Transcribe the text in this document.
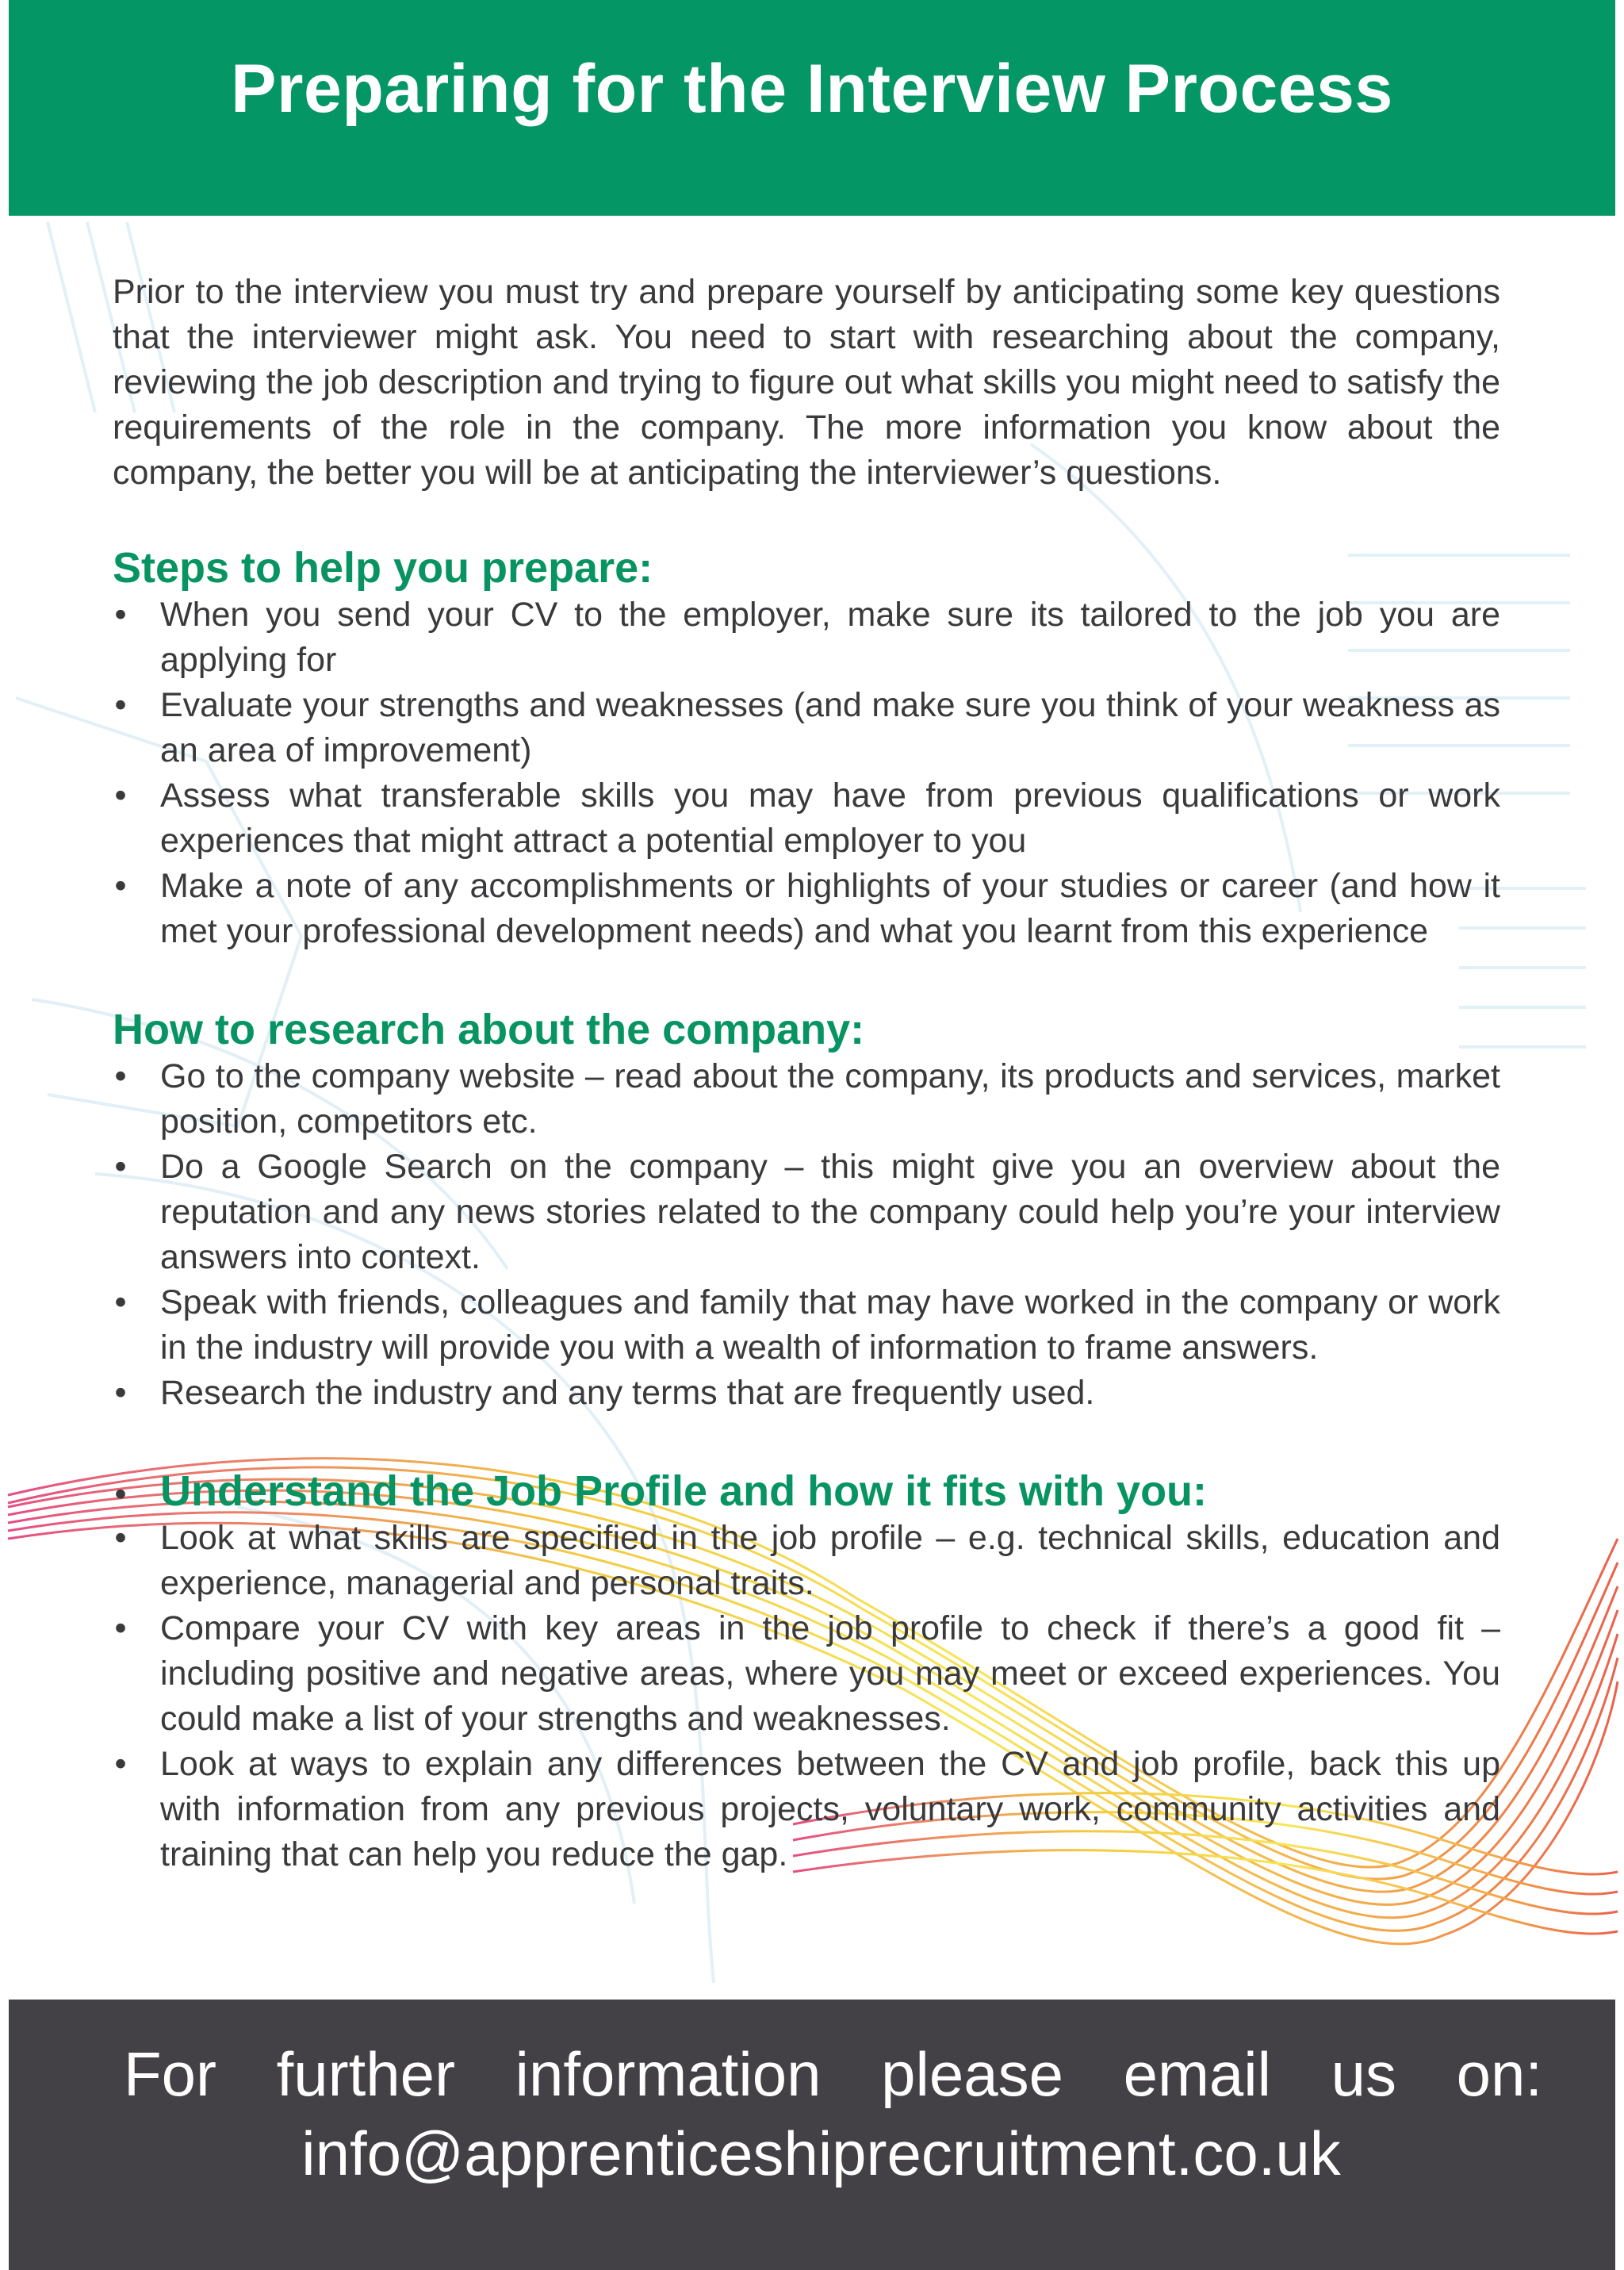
Preparing for the Interview Process

Prior to the interview you must try and prepare yourself by anticipating some key questions that the interviewer might ask. You need to start with researching about the company, reviewing the job description and trying to figure out what skills you might need to satisfy the requirements of the role in the company. The more information you know about the company, the better you will be at anticipating the interviewer’s questions.

Steps to help you prepare:
• When you send your CV to the employer, make sure its tailored to the job you are applying for
• Evaluate your strengths and weaknesses (and make sure you think of your weakness as an area of improvement)
• Assess what transferable skills you may have from previous qualifications or work experiences that might attract a potential employer to you
• Make a note of any accomplishments or highlights of your studies or career (and how it met your professional development needs) and what you learnt from this experience
How to research about the company:
• Go to the company website – read about the company, its products and services, market position, competitors etc.
• Do a Google Search on the company – this might give you an overview about the reputation and any news stories related to the company could help you’re your interview answers into context.
• Speak with friends, colleagues and family that may have worked in the company or work in the industry will provide you with a wealth of information to frame answers.
• Research the industry and any terms that are frequently used.
• Understand the Job Profile and how it fits with you:
• Look at what skills are specified in the job profile – e.g. technical skills, education and experience, managerial and personal traits.
• Compare your CV with key areas in the job profile to check if there’s a good fit – including positive and negative areas, where you may meet or exceed experiences. You could make a list of your strengths and weaknesses.
• Look at ways to explain any differences between the CV and job profile, back this up with information from any previous projects, voluntary work, community activities and training that can help you reduce the gap.
For further information please email us on:
info@apprenticeshiprecruitment.co.uk
